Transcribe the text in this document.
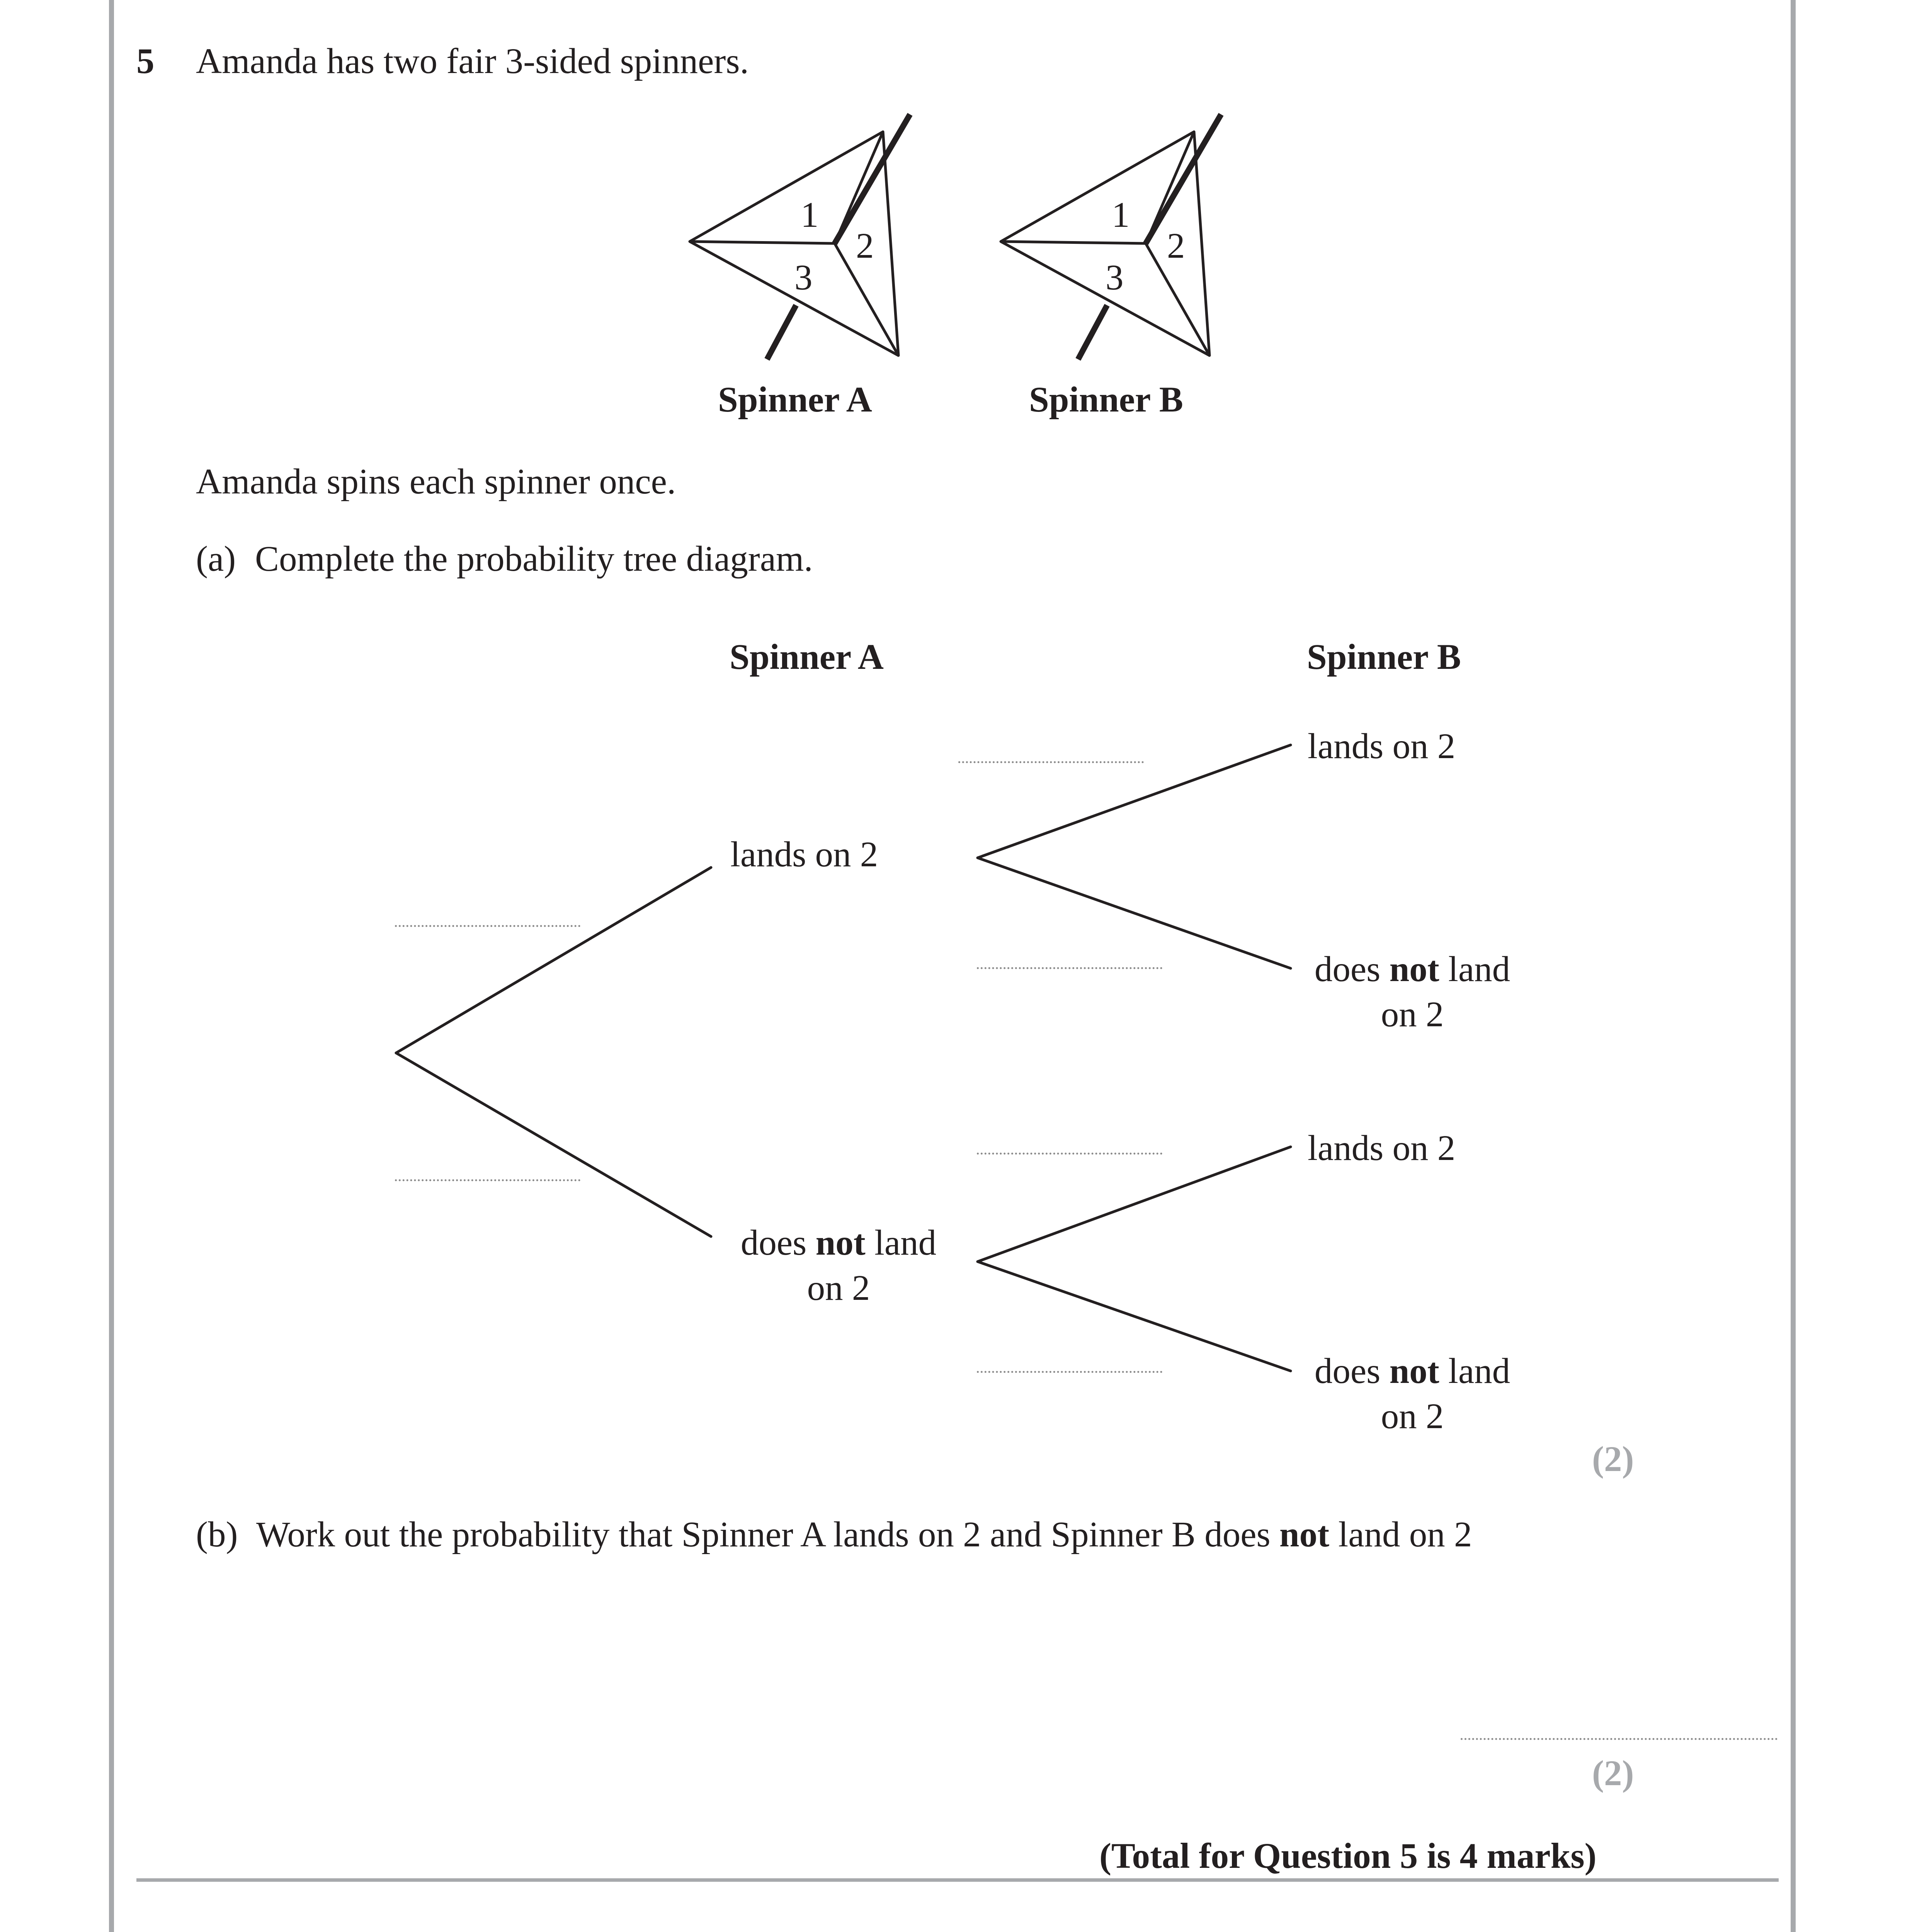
5 Amanda has two fair 3-sided spinners.
1
2
3
1
2
3
Spinner A	Spinner B
Amanda spins each spinner once.
(a) Complete the probability tree diagram.
Spinner A	Spinner B
lands on 2
does not land
on 2
lands on 2
does not land
on 2
lands on 2
does not land
on 2
(2)
(b) Work out the probability that Spinner A lands on 2 and Spinner B does not land on 2
(2)
(Total for Question 5 is 4 marks)
